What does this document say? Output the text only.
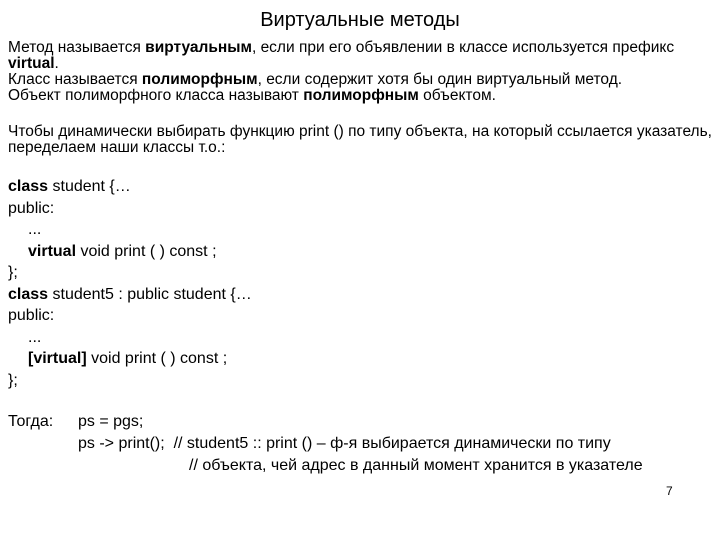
Виртуальные методы

Метод называется виртуальным, если при его объявлении в классе используется префикс virtual.

Класс называется полиморфным, если содержит хотя бы один виртуальный метод.

Объект полиморфного класса называют полиморфным объектом.

Чтобы динамически выбирать функцию print () по типу объекта, на который ссылается указатель, переделаем наши классы т.о.:

class student {…

public:

...

virtual void print ( ) const ;

};

class student5 : public student {…

public:

...

[virtual] void print ( ) const ;

};

Тогда: ps = pgs;
ps -> print();  // student5 :: print () – ф-я выбирается динамически по типу
// объекта, чей адрес в данный момент хранится в указателе
7
